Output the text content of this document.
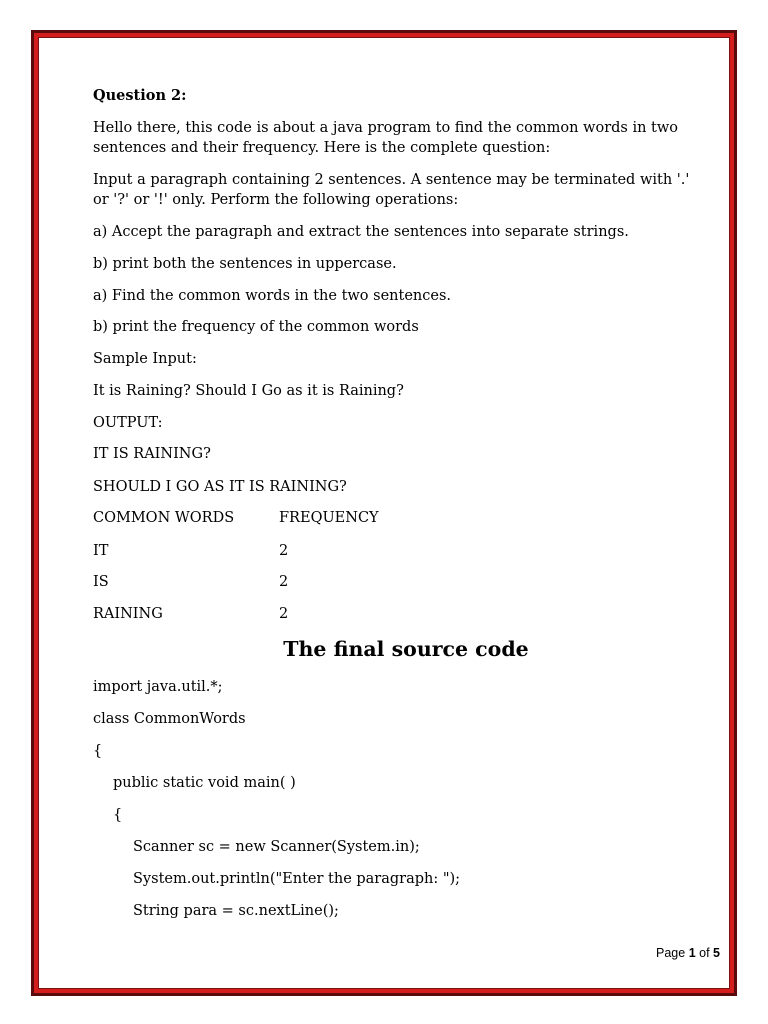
Question 2:
Hello there, this code is about a java program to find the common words in two
sentences and their frequency. Here is the complete question:
Input a paragraph containing 2 sentences. A sentence may be terminated with '.'
or '?' or '!' only. Perform the following operations:
a) Accept the paragraph and extract the sentences into separate strings.
b) print both the sentences in uppercase.
a) Find the common words in the two sentences.
b) print the frequency of the common words
Sample Input:
It is Raining? Should I Go as it is Raining?
OUTPUT:
IT IS RAINING?
SHOULD I GO AS IT IS RAINING?
COMMON WORDS	FREQUENCY
IT	2
IS	2
RAINING	2
The final source code
import java.util.*;
class CommonWords
{
public static void main( )
{
Scanner sc = new Scanner(System.in);
System.out.println("Enter the paragraph: ");
String para = sc.nextLine();
Page 1 of 5
